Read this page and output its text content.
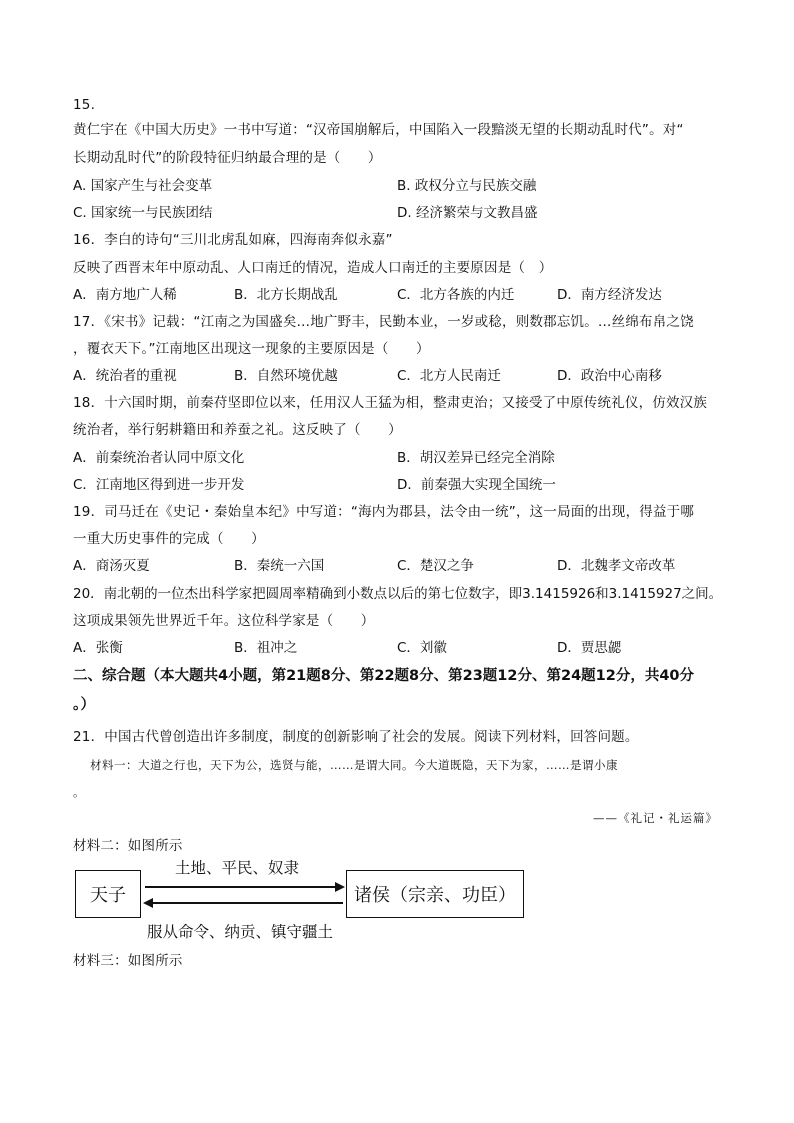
15.
黄仁宇在《中国大历史》一书中写道：“汉帝国崩解后，中国陷入一段黯淡无望的长期动乱时代”。对“
长期动乱时代”的阶段特征归纳最合理的是（　　）
A. 国家产生与社会变革	B. 政权分立与民族交融
C. 国家统一与民族团结	D. 经济繁荣与文教昌盛
16．李白的诗句“三川北虏乱如麻，四海南奔似永嘉”
反映了西晋末年中原动乱、人口南迁的情况，造成人口南迁的主要原因是（　）
A．南方地广人稀	B．北方长期战乱	C．北方各族的内迁	D．南方经济发达
17．《宋书》记载：“江南之为国盛矣…地广野丰，民勤本业，一岁或稔，则数郡忘饥。…丝绵布帛之饶
，覆衣天下。”江南地区出现这一现象的主要原因是（　　）
A．统治者的重视	B．自然环境优越	C．北方人民南迁	D．政治中心南移
18．十六国时期，前秦苻坚即位以来，任用汉人王猛为相，整肃吏治；又接受了中原传统礼仪，仿效汉族
统治者，举行躬耕籍田和养蚕之礼。这反映了（　　）
A．前秦统治者认同中原文化	B．胡汉差异已经完全消除
C．江南地区得到进一步开发	D．前秦强大实现全国统一
19．司马迁在《史记・秦始皇本纪》中写道：“海内为郡县，法令由一统”，这一局面的出现，得益于哪
一重大历史事件的完成（　　）
A．商汤灭夏	B．秦统一六国	C．楚汉之争	D．北魏孝文帝改革
20．南北朝的一位杰出科学家把圆周率精确到小数点以后的第七位数字，即3.1415926和3.1415927之间。
这项成果领先世界近千年。这位科学家是（　　）
A．张衡	B．祖冲之	C．刘徽	D．贾思勰
二、综合题（本大题共4小题，第21题8分、第22题8分、第23题12分、第24题12分，共40分
。）
21．中国古代曾创造出许多制度，制度的创新影响了社会的发展。阅读下列材料，回答问题。
材料一：大道之行也，天下为公，选贤与能，……是谓大同。今大道既隐，天下为家，……是谓小康
。
——《礼记・礼运篇》
材料二：如图所示
天子	诸侯（宗亲、功臣）
土地、平民、奴隶
服从命令、纳贡、镇守疆土
材料三：如图所示
